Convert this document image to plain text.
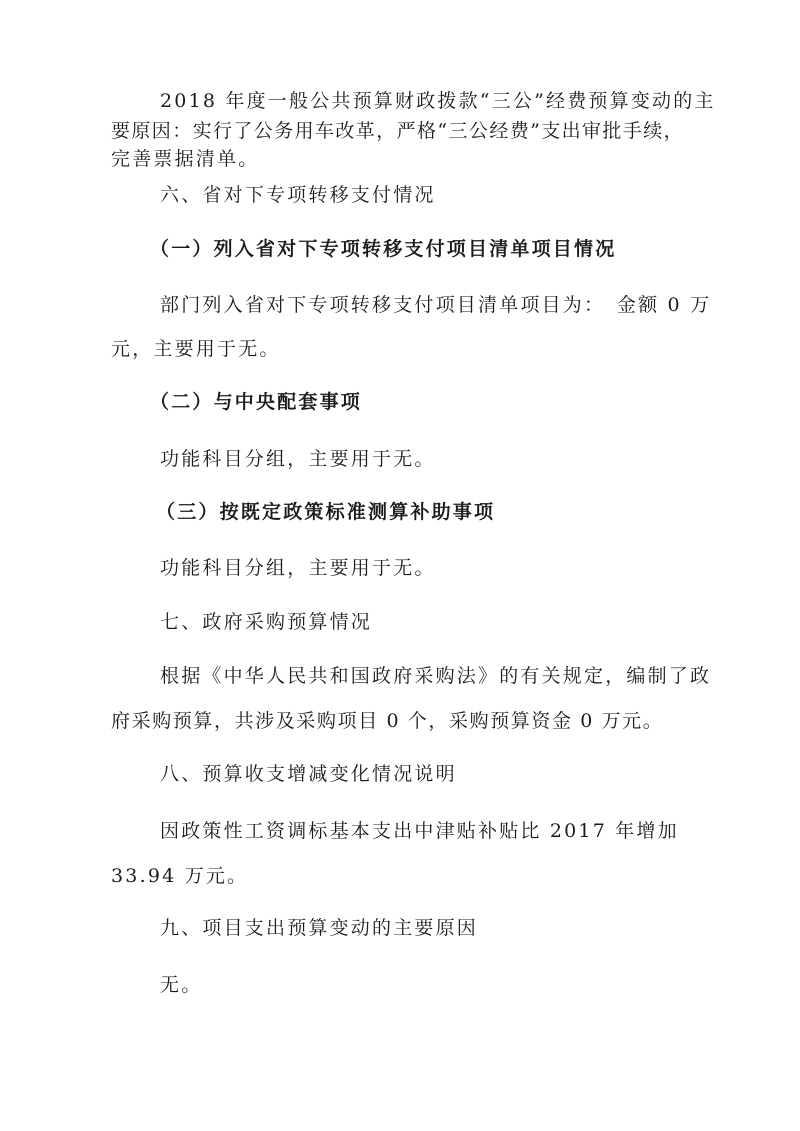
2018 年度一般公共预算财政拨款“三公”经费预算变动的主
要原因：实行了公务用车改革，严格“三公经费”支出审批手续，
完善票据清单。
六、省对下专项转移支付情况
（一）列入省对下专项转移支付项目清单项目情况
部门列入省对下专项转移支付项目清单项目为：　金额 0 万
元，主要用于无。
（二）与中央配套事项
功能科目分组，主要用于无。
（三）按既定政策标准测算补助事项
功能科目分组，主要用于无。
七、政府采购预算情况
根据《中华人民共和国政府采购法》的有关规定，编制了政
府采购预算，共涉及采购项目 0 个，采购预算资金 0 万元。
八、预算收支增减变化情况说明
因政策性工资调标基本支出中津贴补贴比 2017 年增加
33.94 万元。
九、项目支出预算变动的主要原因
无。
